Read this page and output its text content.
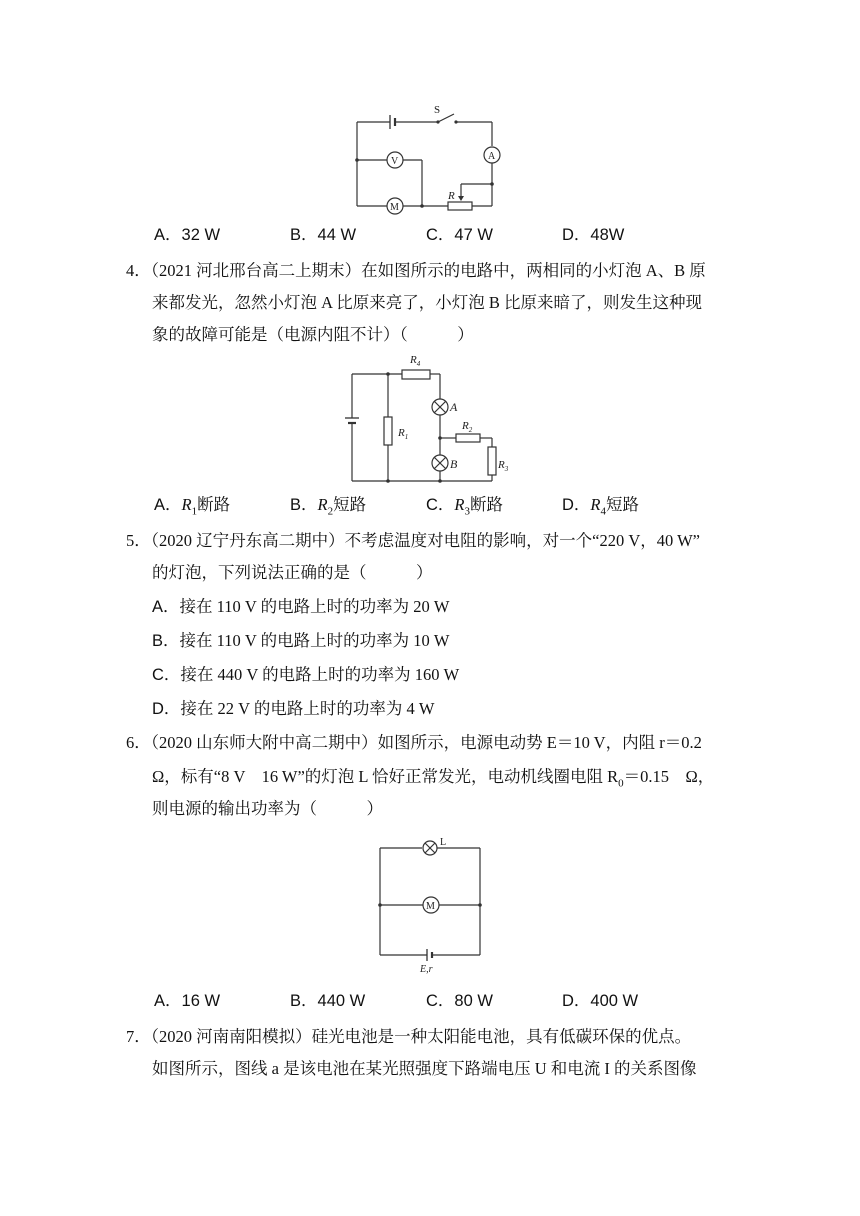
S
A
R
V
M
A．32 W	B．44 W	C．47 W	D．48W
4．（2021 河北邢台高二上期末）在如图所示的电路中，两相同的小灯泡 A、B 原
来都发光，忽然小灯泡 A 比原来亮了，小灯泡 B 比原来暗了，则发生这种现
象的故障可能是（电源内阻不计）（　　　）
$R_4$
A
$R_2$
$R_3$
B
$R_1$
A．$R_1$断路	B．$R_2$短路	C．$R_3$断路	D．$R_4$短路
5．（2020 辽宁丹东高二期中）不考虑温度对电阻的影响，对一个“220 V，40 W”
的灯泡，下列说法正确的是（　　　）
A．接在 110 V 的电路上时的功率为 20 W
B．接在 110 V 的电路上时的功率为 10 W
C．接在 440 V 的电路上时的功率为 160 W
D．接在 22 V 的电路上时的功率为 4 W
6．（2020 山东师大附中高二期中）如图所示，电源电动势 E＝10 V，内阻 r＝0.2
Ω，标有“8 V　16 W”的灯泡 L 恰好正常发光，电动机线圈电阻 $R_0=0.15$　Ω，
则电源的输出功率为（　　　）
L
M
E,r
A．16 W	B．440 W	C．80 W	D．400 W
7．（2020 河南南阳模拟）硅光电池是一种太阳能电池，具有低碳环保的优点。
如图所示，图线 a 是该电池在某光照强度下路端电压 U 和电流 I 的关系图像
